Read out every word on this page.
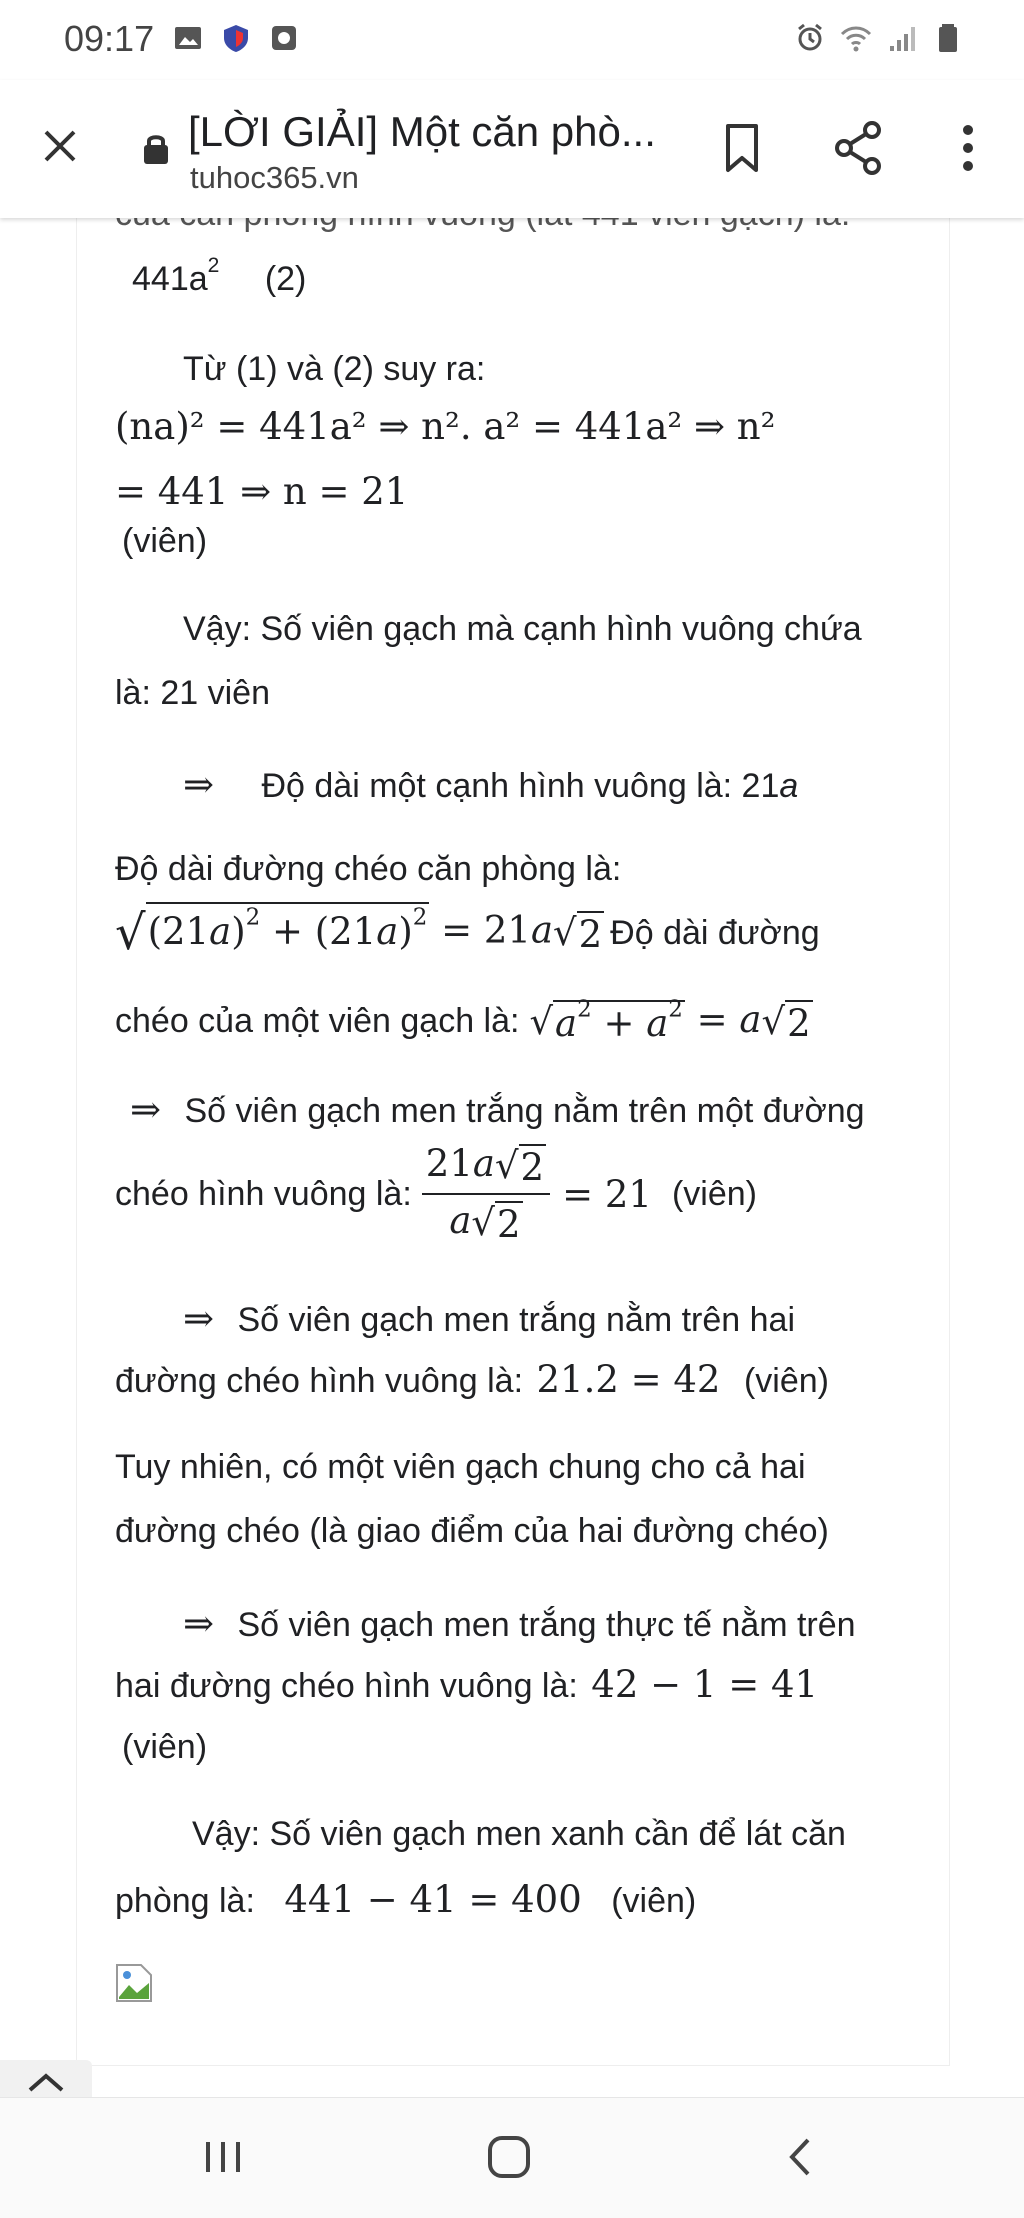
09:17
[LỜI GIẢI] Một căn phò...
tuhoc365.vn
$441a^2$ (2)
Từ (1) và (2) suy ra:
(na)² = 441a² ⇒ n². a² = 441a² ⇒ n²
= 441 ⇒ n = 21
(viên)
Vậy: Số viên gạch mà cạnh hình vuông chứa
là: 21 viên
⇒ Độ dài một cạnh hình vuông là: 21a
Độ dài đường chéo căn phòng là:
√ $(21a)^2 + (21a)^2 = 21a$ √ 2 Độ dài đường
chéo của một viên gạch là: √ $a^2 + a^2 = a$ √ 2
⇒ Số viên gạch men trắng nằm trên một đường
chéo hình vuông là: $\frac{21a √ 2}{a √ 2} = 21$ (viên)
⇒ Số viên gạch men trắng nằm trên hai
đường chéo hình vuông là: 21.2 = 42 (viên)
Tuy nhiên, có một viên gạch chung cho cả hai
đường chéo (là giao điểm của hai đường chéo)
⇒ Số viên gạch men trắng thực tế nằm trên
hai đường chéo hình vuông là: 42 − 1 = 41
(viên)
Vậy: Số viên gạch men xanh cần để lát căn
phòng là: 441 − 41 = 400 (viên)
